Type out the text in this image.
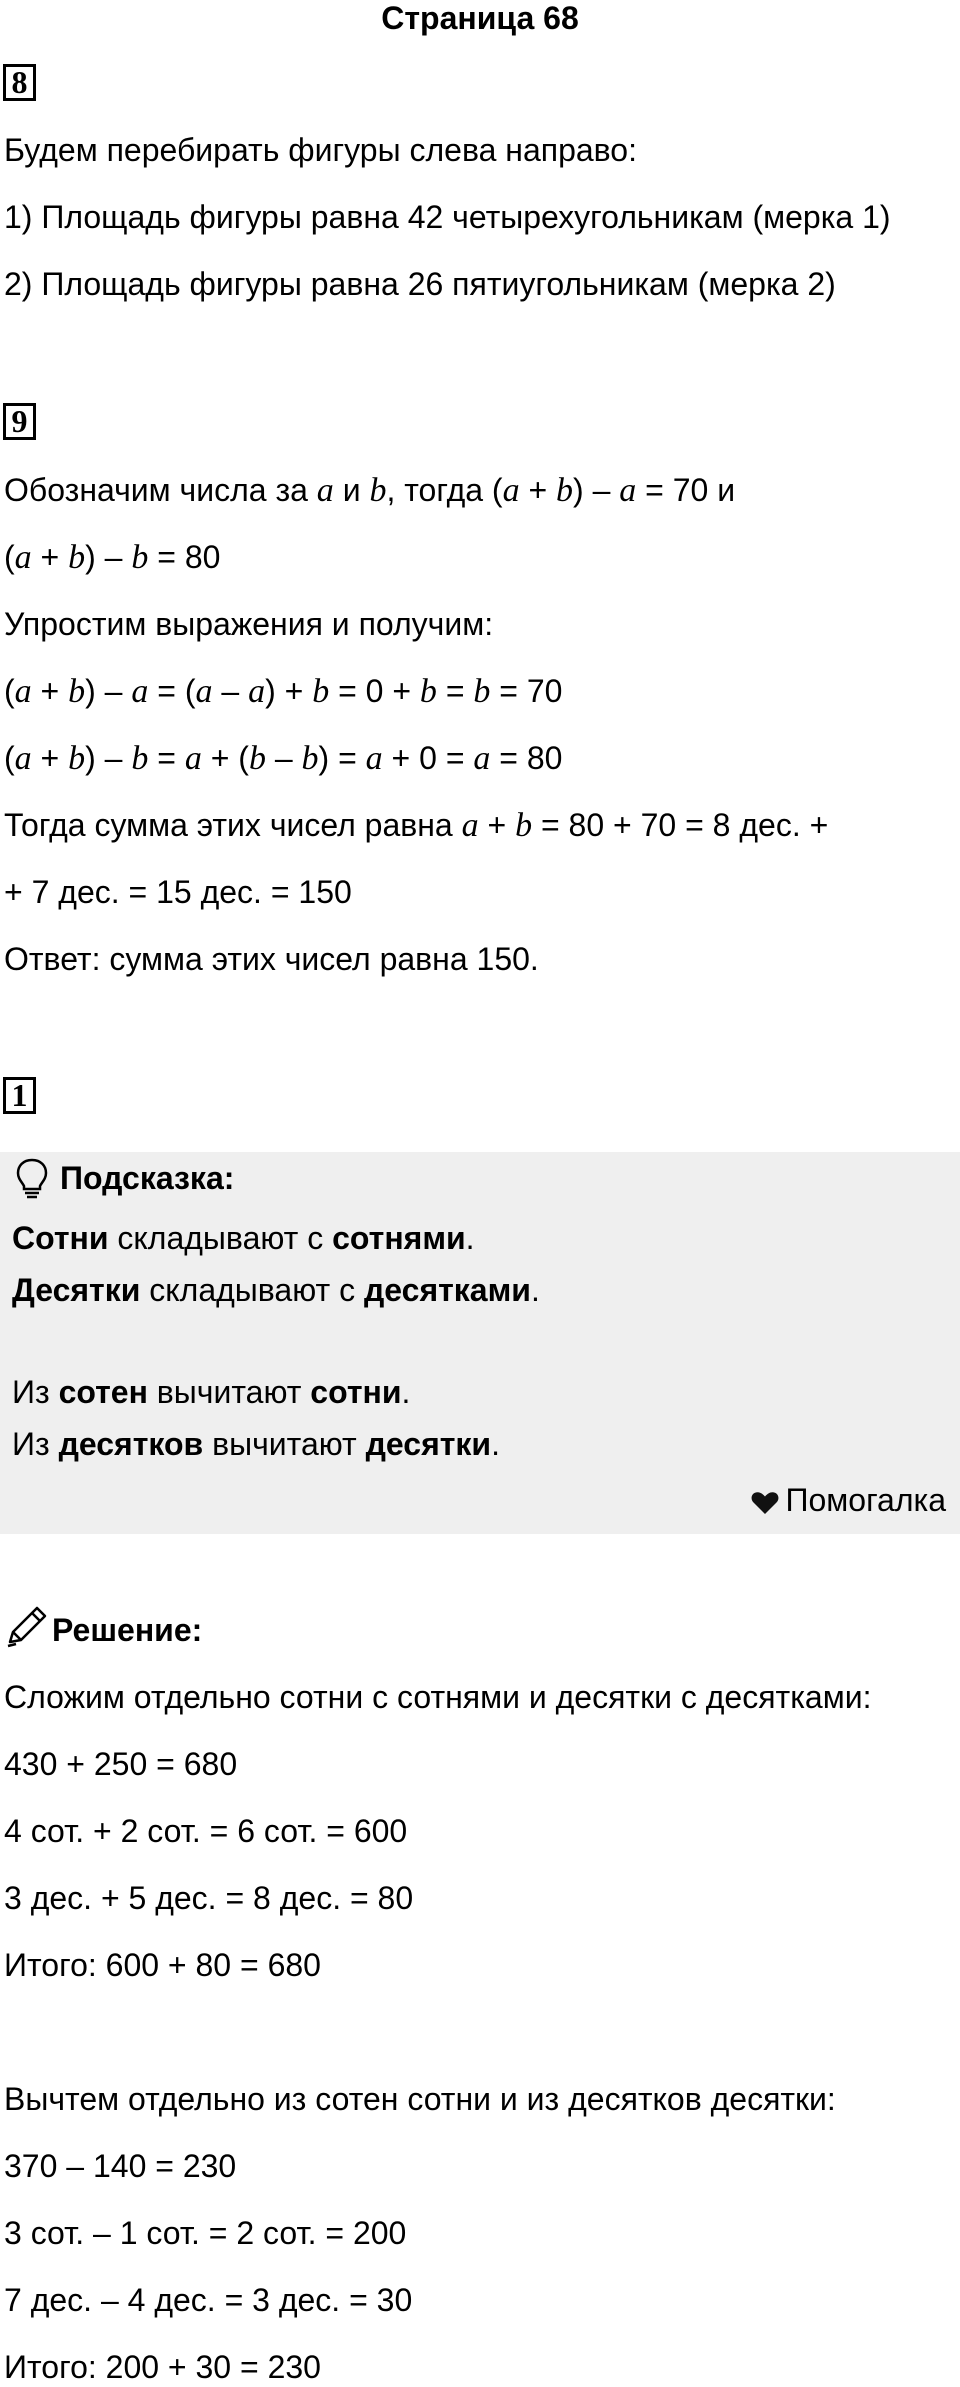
Страница 68
8
Будем перебирать фигуры слева направо:
1) Площадь фигуры равна 42 четырехугольникам (мерка 1)
2) Площадь фигуры равна 26 пятиугольникам (мерка 2)
9
Обозначим числа за a и b, тогда (a + b) – a = 70 и
(a + b) – b = 80
Упростим выражения и получим:
(a + b) – a = (a – a) + b = 0 + b = b = 70
(a + b) – b = a + (b – b) = a + 0 = a = 80
Тогда сумма этих чисел равна a + b = 80 + 70 = 8 дес. +
+ 7 дес. = 15 дес. = 150
Ответ: сумма этих чисел равна 150.
1
Подсказка:
Сотни складывают с сотнями.
Десятки складывают с десятками.
Из сотен вычитают сотни.
Из десятков вычитают десятки.
Помогалка
Решение:
Сложим отдельно сотни с сотнями и десятки с десятками:
430 + 250 = 680
4 сот. + 2 сот. = 6 сот. = 600
3 дес. + 5 дес. = 8 дес. = 80
Итого: 600 + 80 = 680
Вычтем отдельно из сотен сотни и из десятков десятки:
370 – 140 = 230
3 сот. – 1 сот. = 2 сот. = 200
7 дес. – 4 дес. = 3 дес. = 30
Итого: 200 + 30 = 230
